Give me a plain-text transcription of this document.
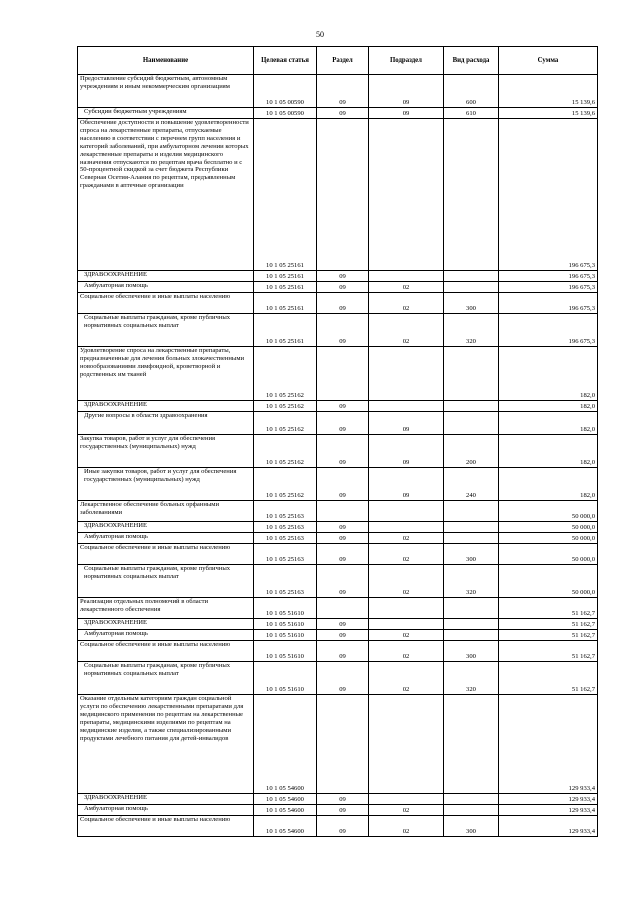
50
Наименование	Целевая статья	Раздел	Подраздел	Вид расхода	Сумма
Предоставление субсидий бюджетным, автономным учреждениям и иным некоммерческим организациям	10 1 05 00590	09	09	600	15 139,6
Субсидии бюджетным учреждениям	10 1 05 00590	09	09	610	15 139,6
Обеспечение доступности и повышение удовлетворенности спроса на лекарственные препараты, отпускаемые населению в соответствии с перечнем групп населения и категорий заболеваний, при амбулаторном лечении которых лекарственные препараты и изделия медицинского назначения отпускаются по рецептам врача бесплатно и с 50-процентной скидкой за счет бюджета Республики Северная Осетия-Алания по рецептам, предъявленным гражданами в аптечные организации	10 1 05 25161				196 675,3
ЗДРАВООХРАНЕНИЕ	10 1 05 25161	09			196 675,3
Амбулаторная помощь	10 1 05 25161	09	02		196 675,3
Социальное обеспечение и иные выплаты населению	10 1 05 25161	09	02	300	196 675,3
Социальные выплаты гражданам, кроме публичных нормативных социальных выплат	10 1 05 25161	09	02	320	196 675,3
Удовлетворение спроса на лекарственные препараты, предназначенные для лечения больных злокачественными новообразованиями лимфоидной, кроветворной и родственных им тканей	10 1 05 25162				182,0
ЗДРАВООХРАНЕНИЕ	10 1 05 25162	09			182,0
Другие вопросы в области здравоохранения	10 1 05 25162	09	09		182,0
Закупка товаров, работ и услуг для обеспечения государственных (муниципальных) нужд	10 1 05 25162	09	09	200	182,0
Иные закупки товаров, работ и услуг для обеспечения государственных (муниципальных) нужд	10 1 05 25162	09	09	240	182,0
Лекарственное обеспечение больных орфанными заболеваниями	10 1 05 25163				50 000,0
ЗДРАВООХРАНЕНИЕ	10 1 05 25163	09			50 000,0
Амбулаторная помощь	10 1 05 25163	09	02		50 000,0
Социальное обеспечение и иные выплаты населению	10 1 05 25163	09	02	300	50 000,0
Социальные выплаты гражданам, кроме публичных нормативных социальных выплат	10 1 05 25163	09	02	320	50 000,0
Реализация отдельных полномочий в области лекарственного обеспечения	10 1 05 51610				51 162,7
ЗДРАВООХРАНЕНИЕ	10 1 05 51610	09			51 162,7
Амбулаторная помощь	10 1 05 51610	09	02		51 162,7
Социальное обеспечение и иные выплаты населению	10 1 05 51610	09	02	300	51 162,7
Социальные выплаты гражданам, кроме публичных нормативных социальных выплат	10 1 05 51610	09	02	320	51 162,7
Оказание отдельным категориям граждан социальной услуги по обеспечению лекарственными препаратами для медицинского применения по рецептам на лекарственные препараты, медицинскими изделиями по рецептам на медицинские изделия, а также специализированными продуктами лечебного питания для детей-инвалидов	10 1 05 54600				129 933,4
ЗДРАВООХРАНЕНИЕ	10 1 05 54600	09			129 933,4
Амбулаторная помощь	10 1 05 54600	09	02		129 933,4
Социальное обеспечение и иные выплаты населению	10 1 05 54600	09	02	300	129 933,4
